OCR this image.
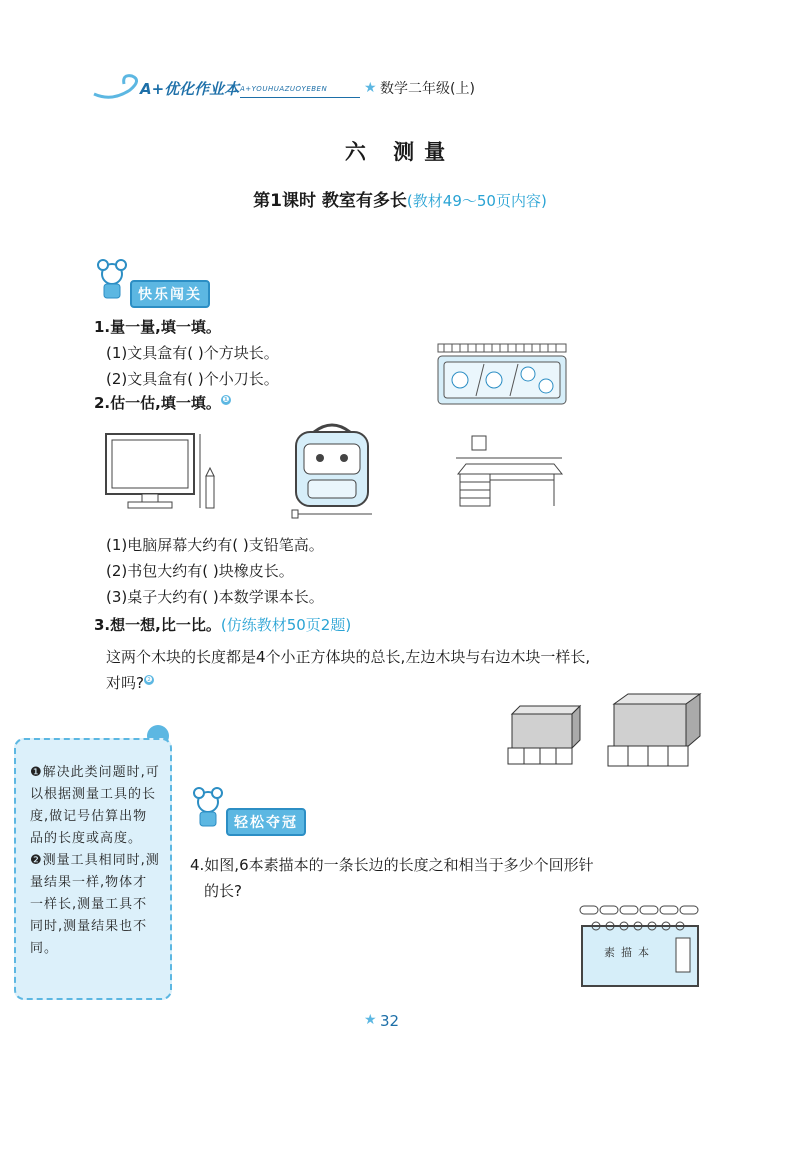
A+优化作业本 A+YOUHUAZUOYEBEN	★ 数学二年级(上)
六 测量
第1课时 教室有多长(教材49～50页内容)
快乐闯关
1.量一量,填一填。
(1)文具盒有( )个方块长。
(2)文具盒有( )个小刀长。
2.估一估,填一填。 ❶
(1)电脑屏幕大约有( )支铅笔高。
(2)书包大约有( )块橡皮长。
(3)桌子大约有( )本数学课本长。
3.想一想,比一比。(仿练教材50页2题)
这两个木块的长度都是4个小正方体块的总长,左边木块与右边木块一样长,
对吗?❷
❶解决此类问题时,可以根据测量工具的长度,做记号估算出物品的长度或高度。
❷测量工具相同时,测量结果一样,物体才一样长,测量工具不同时,测量结果也不同。
轻松夺冠
4.如图,6本素描本的一条长边的长度之和相当于多少个回形针
的长?
素描本
★ 32
